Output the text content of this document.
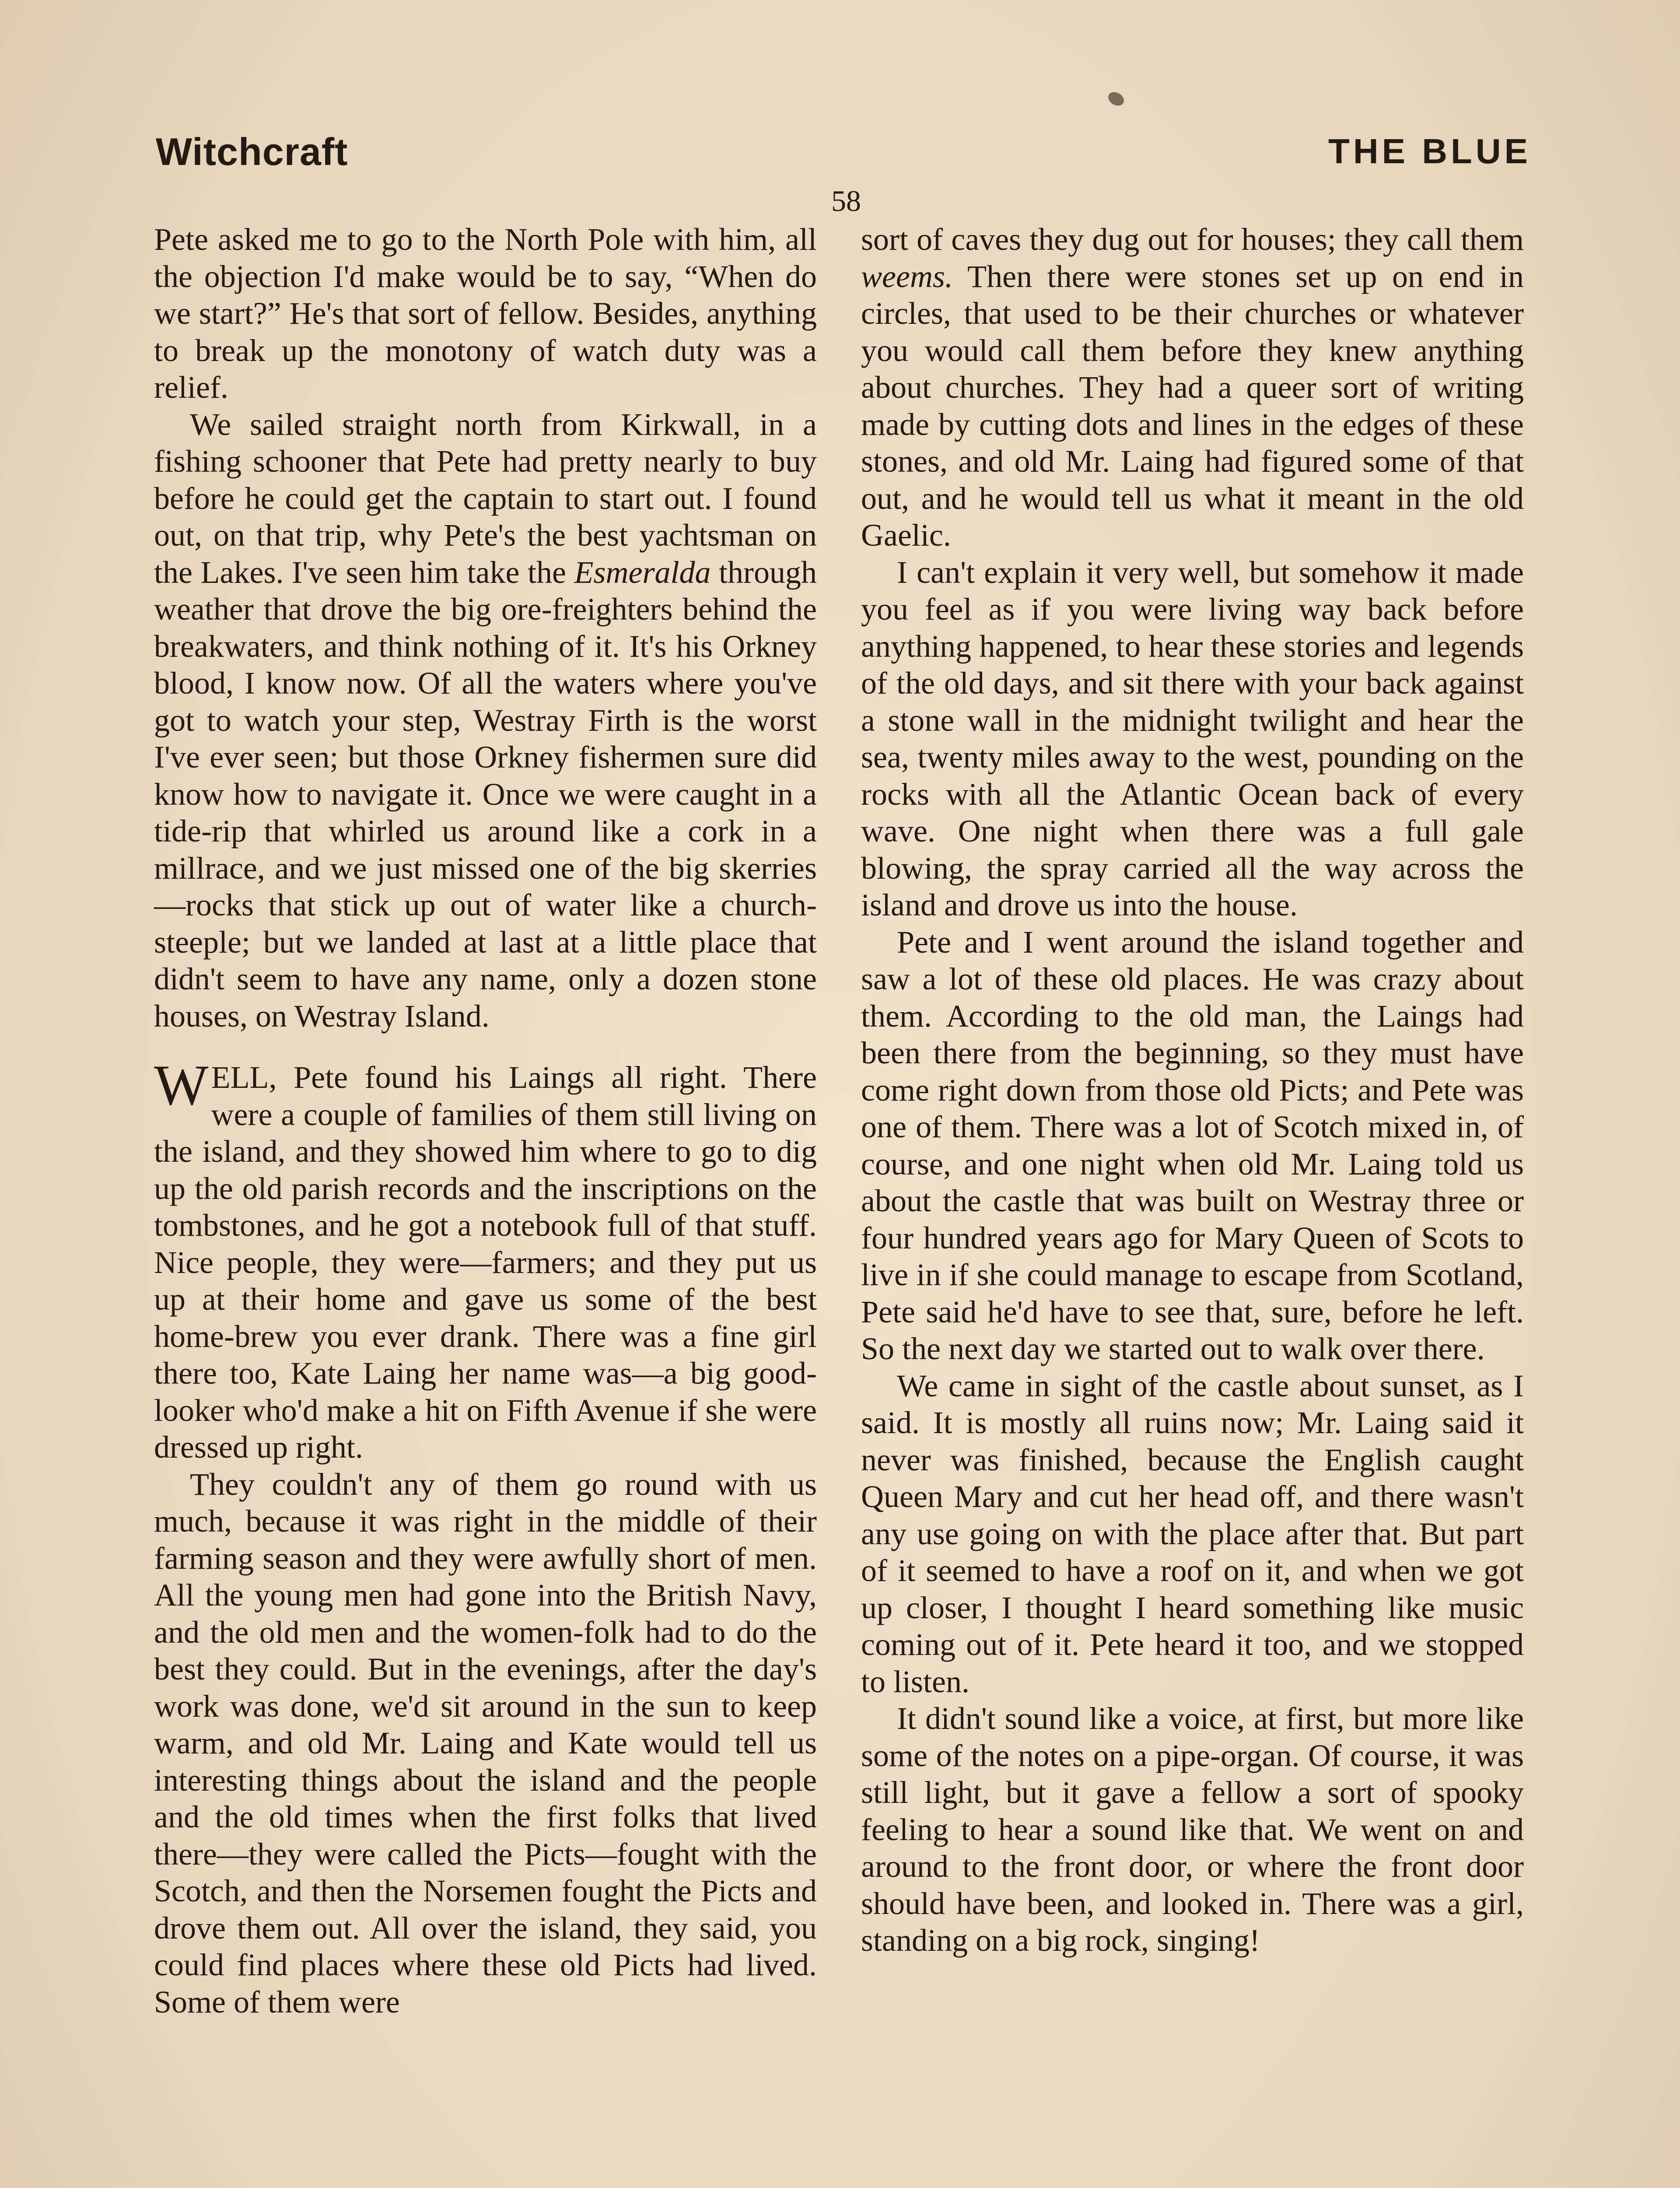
Witchcraft	THE BLUE
58

Pete asked me to go to the North Pole with him, all the objection I'd make would be to say, “When do we start?” He's that sort of fellow. Besides, anything to break up the monotony of watch duty was a relief.

We sailed straight north from Kirkwall, in a fishing schooner that Pete had pretty nearly to buy before he could get the captain to start out. I found out, on that trip, why Pete's the best yachtsman on the Lakes. I've seen him take the Esmeralda through weather that drove the big ore-freighters behind the breakwaters, and think nothing of it. It's his Orkney blood, I know now. Of all the waters where you've got to watch your step, Westray Firth is the worst I've ever seen; but those Orkney fishermen sure did know how to navigate it. Once we were caught in a tide-rip that whirled us around like a cork in a millrace, and we just missed one of the big skerries—rocks that stick up out of water like a church-steeple; but we landed at last at a little place that didn't seem to have any name, only a dozen stone houses, on Westray Island.

WELL, Pete found his Laings all right. There were a couple of families of them still living on the island, and they showed him where to go to dig up the old parish records and the inscriptions on the tombstones, and he got a notebook full of that stuff. Nice people, they were—farmers; and they put us up at their home and gave us some of the best home-brew you ever drank. There was a fine girl there too, Kate Laing her name was—a big good-looker who'd make a hit on Fifth Avenue if she were dressed up right.

They couldn't any of them go round with us much, because it was right in the middle of their farming season and they were awfully short of men. All the young men had gone into the British Navy, and the old men and the women-folk had to do the best they could. But in the evenings, after the day's work was done, we'd sit around in the sun to keep warm, and old Mr. Laing and Kate would tell us interesting things about the island and the people and the old times when the first folks that lived there—they were called the Picts—fought with the Scotch, and then the Norsemen fought the Picts and drove them out. All over the island, they said, you could find places where these old Picts had lived. Some of them were

sort of caves they dug out for houses; they call them weems. Then there were stones set up on end in circles, that used to be their churches or whatever you would call them before they knew anything about churches. They had a queer sort of writing made by cutting dots and lines in the edges of these stones, and old Mr. Laing had figured some of that out, and he would tell us what it meant in the old Gaelic.

I can't explain it very well, but somehow it made you feel as if you were living way back before anything happened, to hear these stories and legends of the old days, and sit there with your back against a stone wall in the midnight twilight and hear the sea, twenty miles away to the west, pounding on the rocks with all the Atlantic Ocean back of every wave. One night when there was a full gale blowing, the spray carried all the way across the island and drove us into the house.

Pete and I went around the island together and saw a lot of these old places. He was crazy about them. According to the old man, the Laings had been there from the beginning, so they must have come right down from those old Picts; and Pete was one of them. There was a lot of Scotch mixed in, of course, and one night when old Mr. Laing told us about the castle that was built on Westray three or four hundred years ago for Mary Queen of Scots to live in if she could manage to escape from Scotland, Pete said he'd have to see that, sure, before he left. So the next day we started out to walk over there.

We came in sight of the castle about sunset, as I said. It is mostly all ruins now; Mr. Laing said it never was finished, because the English caught Queen Mary and cut her head off, and there wasn't any use going on with the place after that. But part of it seemed to have a roof on it, and when we got up closer, I thought I heard something like music coming out of it. Pete heard it too, and we stopped to listen.

It didn't sound like a voice, at first, but more like some of the notes on a pipe-organ. Of course, it was still light, but it gave a fellow a sort of spooky feeling to hear a sound like that. We went on and around to the front door, or where the front door should have been, and looked in. There was a girl, standing on a big rock, singing!
